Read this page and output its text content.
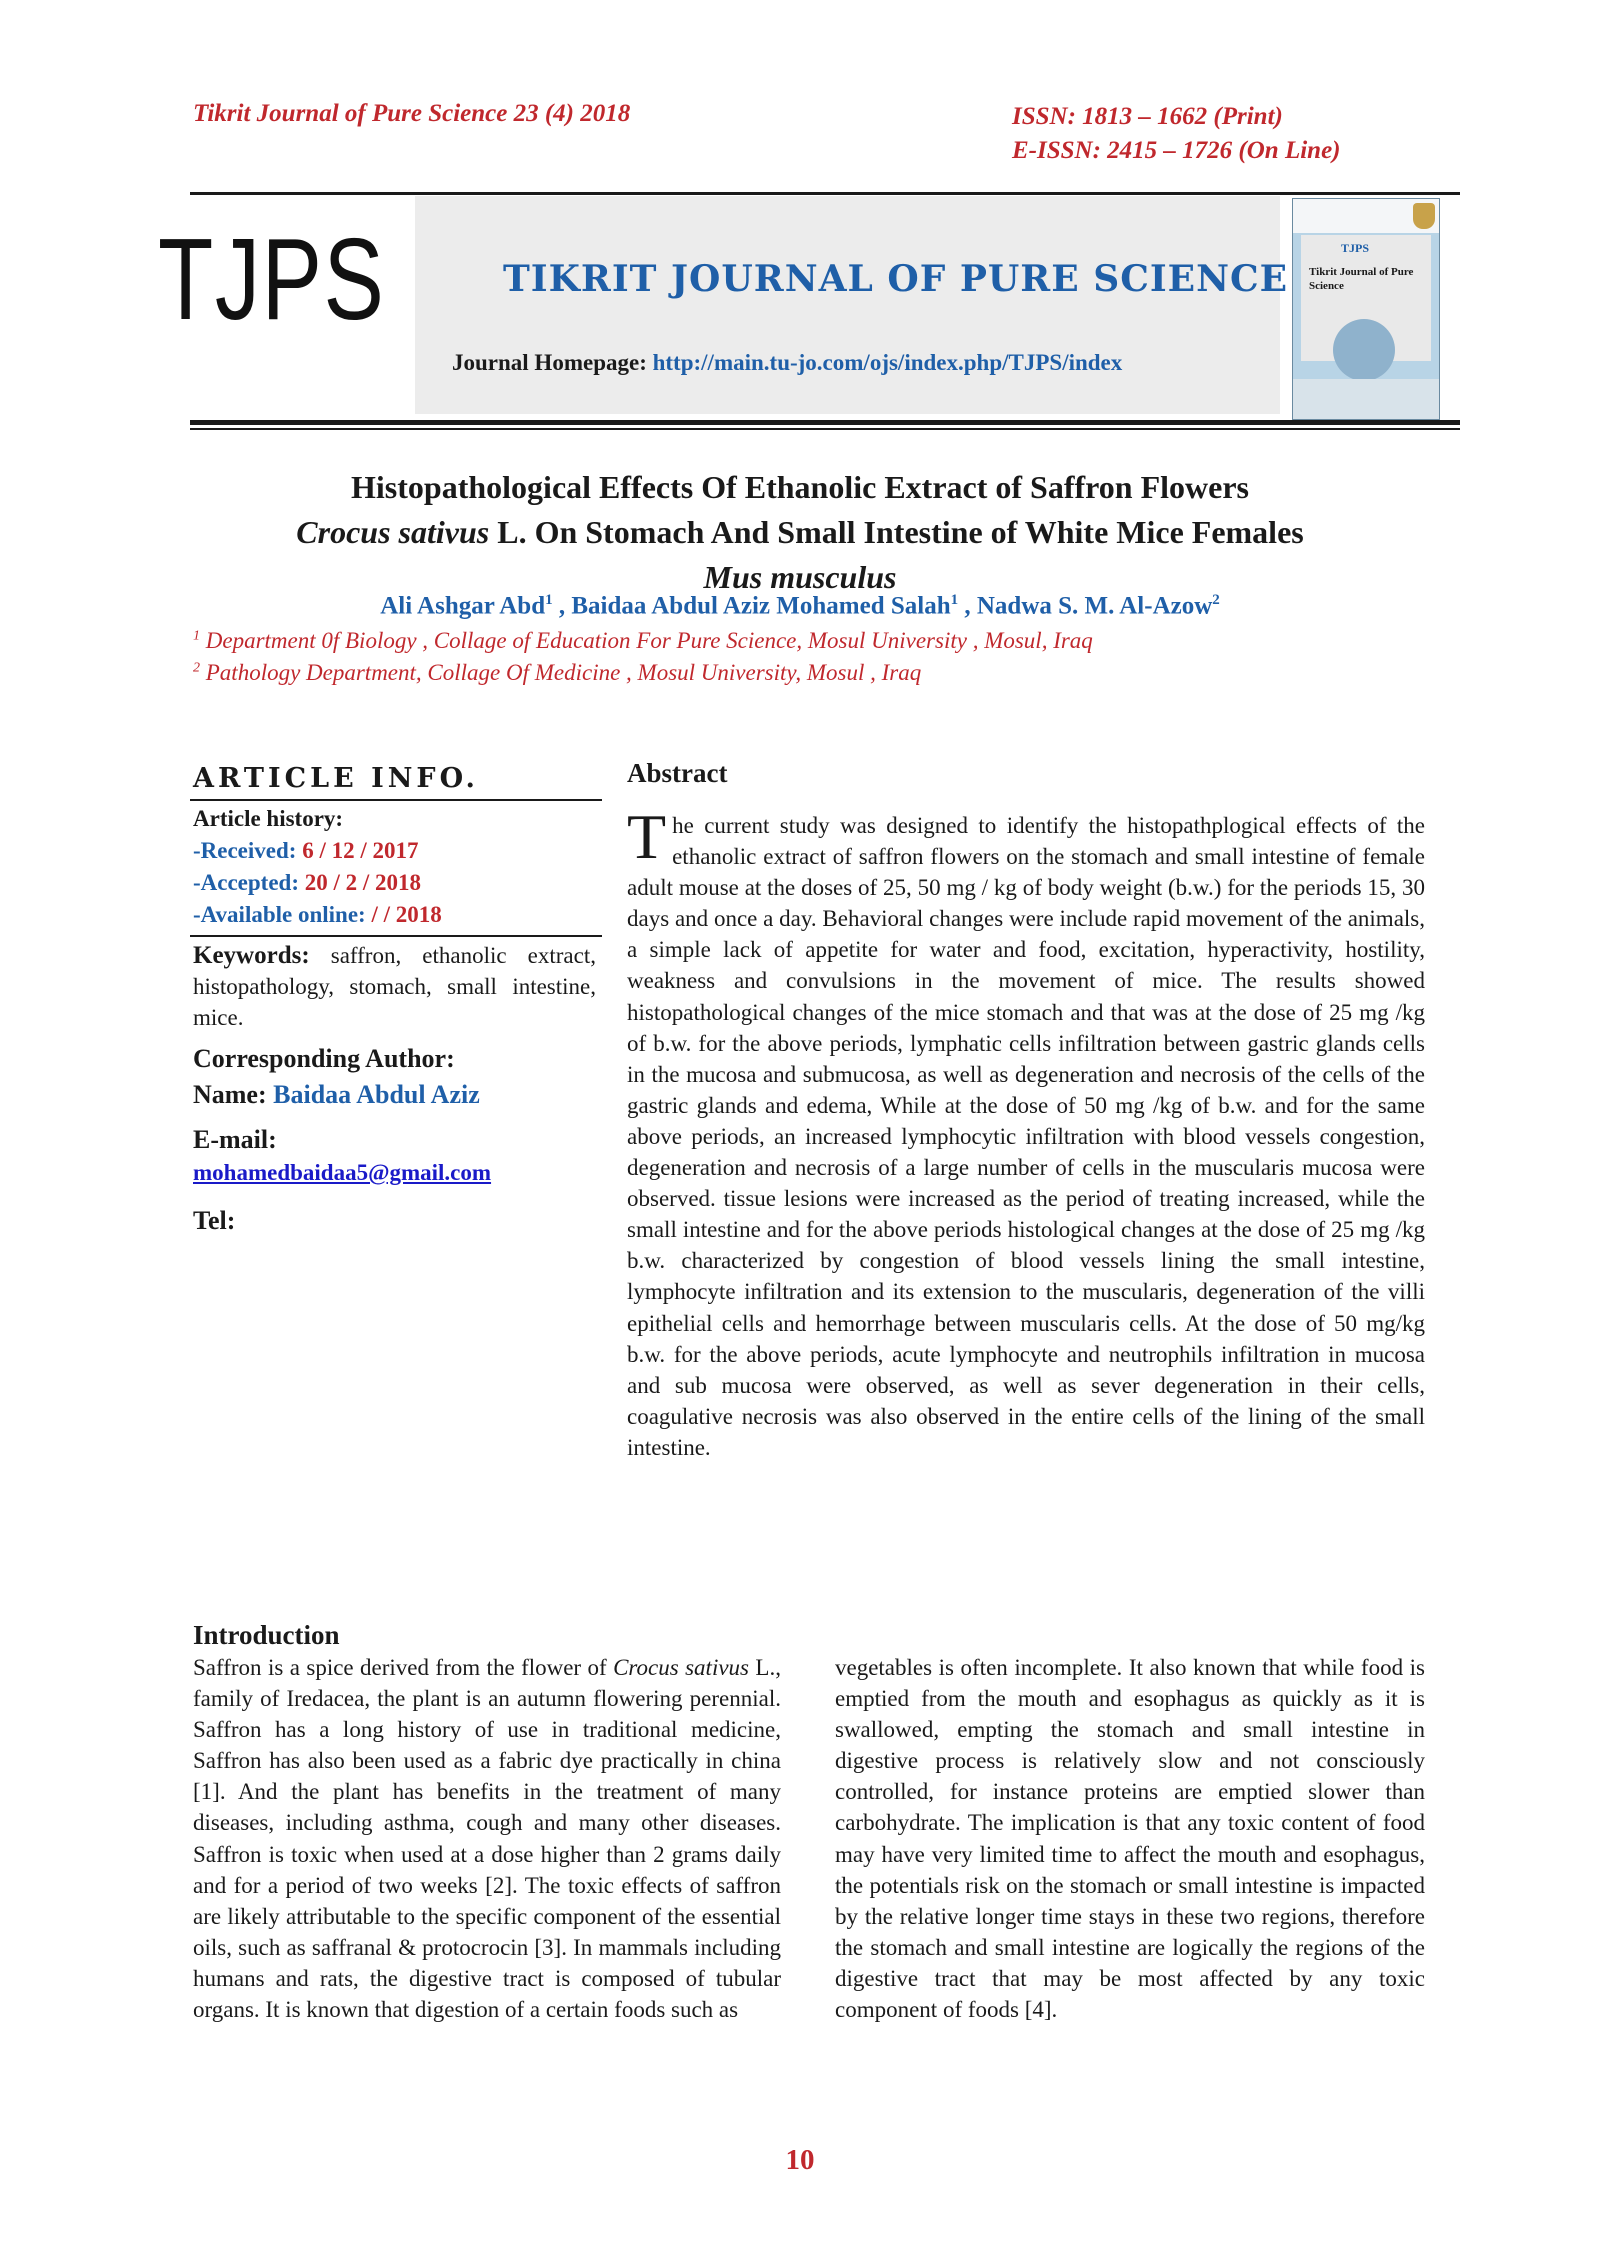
Tikrit Journal of Pure Science 23 (4) 2018	ISSN: 1813 – 1662 (Print)
E-ISSN: 2415 – 1726 (On Line)
TJPS	TIKRIT JOURNAL OF PURE SCIENCE
Journal Homepage: http://main.tu-jo.com/ojs/index.php/TJPS/index
TJPS
Tikrit Journal of Pure Science
Histopathological Effects Of Ethanolic Extract of Saffron Flowers
Crocus sativus L. On Stomach And Small Intestine of White Mice Females
Mus musculus
Ali Ashgar Abd$^1$ , Baidaa Abdul Aziz Mohamed Salah$^1$ , Nadwa S. M. Al-Azow$^2$
$^1$ Department 0f Biology , Collage of Education For Pure Science, Mosul University , Mosul, Iraq
$^2$ Pathology Department, Collage Of Medicine , Mosul University, Mosul , Iraq
ARTICLE INFO.
Article history:
-Received: 6 / 12 / 2017
-Accepted: 20 / 2 / 2018
-Available online: / / 2018
Keywords: saffron, ethanolic extract, histopathology, stomach, small intestine, mice.
Corresponding Author:
Name: Baidaa Abdul Aziz
E-mail:
mohamedbaidaa5@gmail.com
Tel:
Abstract
The current study was designed to identify the histopathplogical effects of the ethanolic extract of saffron flowers on the stomach and small intestine of female adult mouse at the doses of 25, 50 mg / kg of body weight (b.w.) for the periods 15, 30 days and once a day. Behavioral changes were include rapid movement of the animals, a simple lack of appetite for water and food, excitation, hyperactivity, hostility, weakness and convulsions in the movement of mice. The results showed histopathological changes of the mice stomach and that was at the dose of 25 mg /kg of b.w. for the above periods, lymphatic cells infiltration between gastric glands cells in the mucosa and submucosa, as well as degeneration and necrosis of the cells of the gastric glands and edema, While at the dose of 50 mg /kg of b.w. and for the same above periods, an increased lymphocytic infiltration with blood vessels congestion, degeneration and necrosis of a large number of cells in the muscularis mucosa were observed. tissue lesions were increased as the period of treating increased, while the small intestine and for the above periods histological changes at the dose of 25 mg /kg b.w. characterized by congestion of blood vessels lining the small intestine, lymphocyte infiltration and its extension to the muscularis, degeneration of the villi epithelial cells and hemorrhage between muscularis cells. At the dose of 50 mg/kg b.w. for the above periods, acute lymphocyte and neutrophils infiltration in mucosa and sub mucosa were observed, as well as sever degeneration in their cells, coagulative necrosis was also observed in the entire cells of the lining of the small intestine.
Introduction
Saffron is a spice derived from the flower of Crocus sativus L., family of Iredacea, the plant is an autumn flowering perennial. Saffron has a long history of use in traditional medicine, Saffron has also been used as a fabric dye practically in china [1]. And the plant has benefits in the treatment of many diseases, including asthma, cough and many other diseases. Saffron is toxic when used at a dose higher than 2 grams daily and for a period of two weeks [2]. The toxic effects of saffron are likely attributable to the specific component of the essential oils, such as saffranal & protocrocin [3]. In mammals including humans and rats, the digestive tract is composed of tubular organs. It is known that digestion of a certain foods such as
vegetables is often incomplete. It also known that while food is emptied from the mouth and esophagus as quickly as it is swallowed, empting the stomach and small intestine in digestive process is relatively slow and not consciously controlled, for instance proteins are emptied slower than carbohydrate. The implication is that any toxic content of food may have very limited time to affect the mouth and esophagus, the potentials risk on the stomach or small intestine is impacted by the relative longer time stays in these two regions, therefore the stomach and small intestine are logically the regions of the digestive tract that may be most affected by any toxic component of foods [4].
10
